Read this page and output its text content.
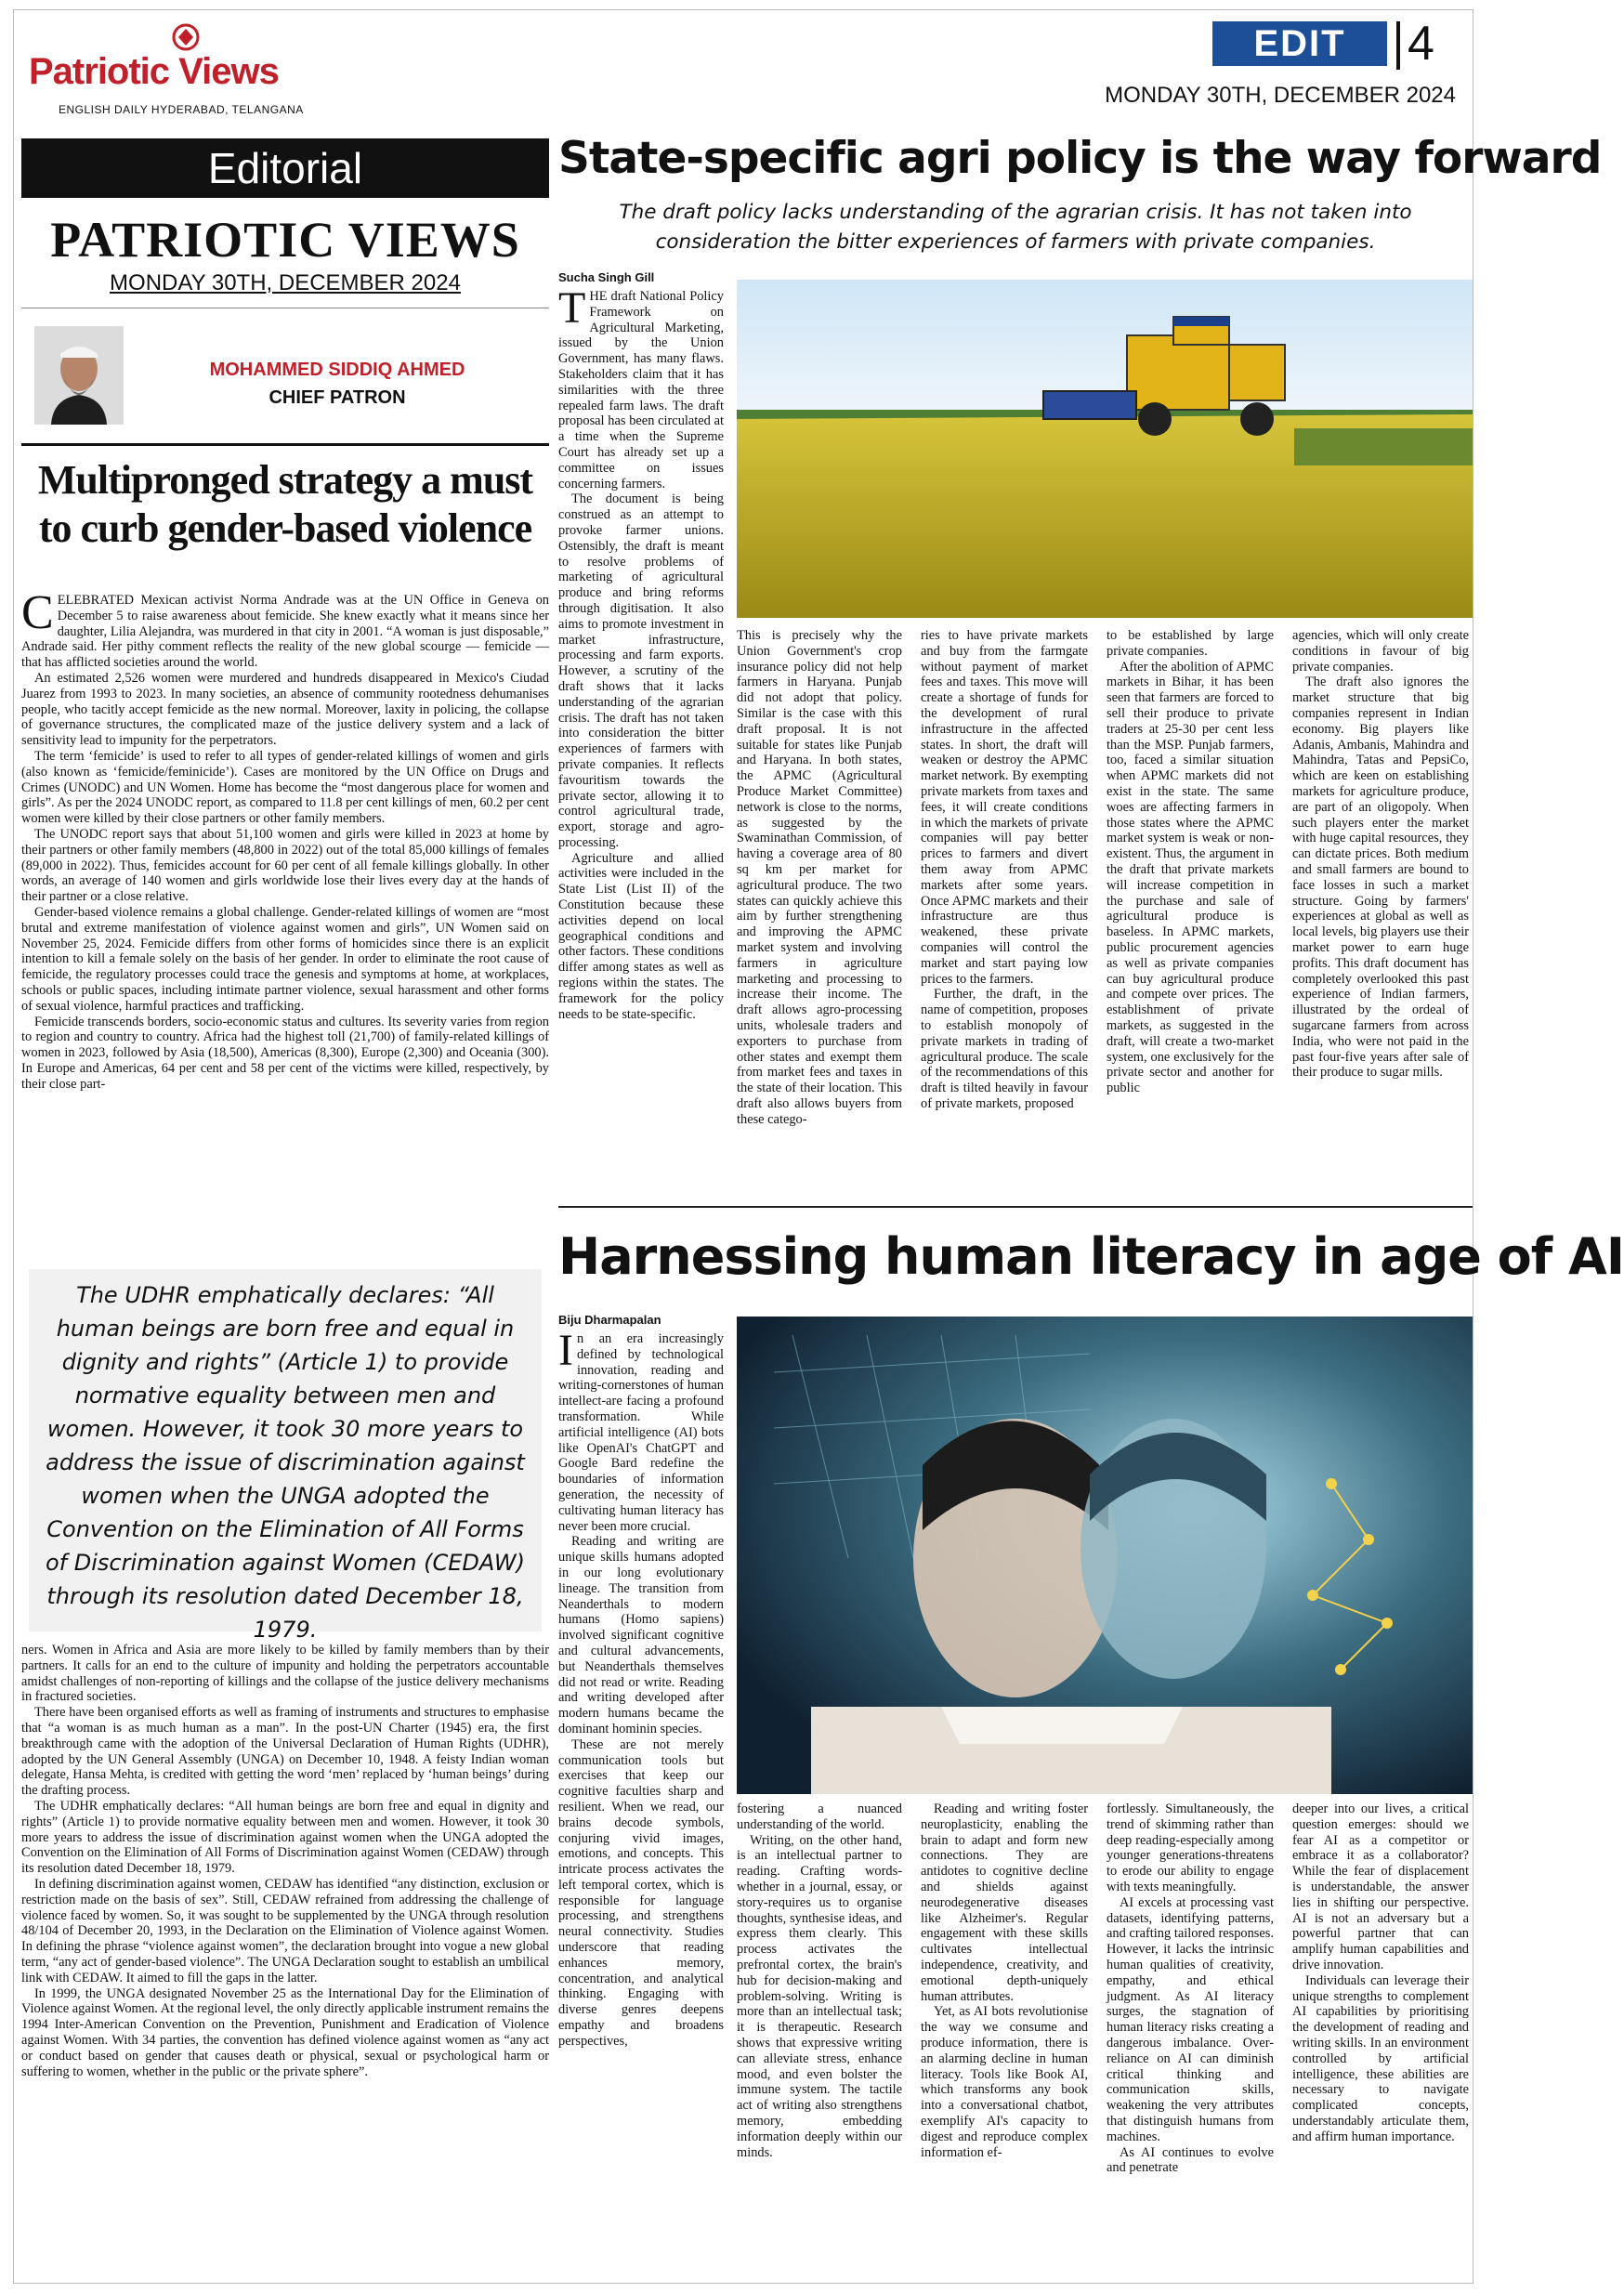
Patriotic Views
ENGLISH DAILY HYDERABAD, TELANGANA
EDIT	4
MONDAY 30TH, DECEMBER 2024
Editorial
PATRIOTIC VIEWS
MONDAY 30TH, DECEMBER 2024
MOHAMMED SIDDIQ AHMED
CHIEF PATRON
Multipronged strategy a must to curb gender-based violence

CELEBRATED Mexican activist Norma Andrade was at the UN Office in Geneva on December 5 to raise awareness about femicide. She knew exactly what it means since her daughter, Lilia Alejandra, was murdered in that city in 2001. “A woman is just disposable,” Andrade said. Her pithy comment reflects the reality of the new global scourge — femicide — that has afflicted societies around the world.

An estimated 2,526 women were murdered and hundreds disappeared in Mexico's Ciudad Juarez from 1993 to 2023. In many societies, an absence of community rootedness dehumanises people, who tacitly accept femicide as the new normal. Moreover, laxity in policing, the collapse of governance structures, the complicated maze of the justice delivery system and a lack of sensitivity lead to impunity for the perpetrators.

The term ‘femicide’ is used to refer to all types of gender-related killings of women and girls (also known as ‘femicide/feminicide’). Cases are monitored by the UN Office on Drugs and Crimes (UNODC) and UN Women. Home has become the “most dangerous place for women and girls”. As per the 2024 UNODC report, as compared to 11.8 per cent killings of men, 60.2 per cent women were killed by their close partners or other family members.

The UNODC report says that about 51,100 women and girls were killed in 2023 at home by their partners or other family members (48,800 in 2022) out of the total 85,000 killings of females (89,000 in 2022). Thus, femicides account for 60 per cent of all female killings globally. In other words, an average of 140 women and girls worldwide lose their lives every day at the hands of their partner or a close relative.

Gender-based violence remains a global challenge. Gender-related killings of women are “most brutal and extreme manifestation of violence against women and girls”, UN Women said on November 25, 2024. Femicide differs from other forms of homicides since there is an explicit intention to kill a female solely on the basis of her gender. In order to eliminate the root cause of femicide, the regulatory processes could trace the genesis and symptoms at home, at workplaces, schools or public spaces, including intimate partner violence, sexual harassment and other forms of sexual violence, harmful practices and trafficking.

Femicide transcends borders, socio-economic status and cultures. Its severity varies from region to region and country to country. Africa had the highest toll (21,700) of family-related killings of women in 2023, followed by Asia (18,500), Americas (8,300), Europe (2,300) and Oceania (300). In Europe and Americas, 64 per cent and 58 per cent of the victims were killed, respectively, by their close part-

The UDHR emphatically declares: “All human beings are born free and equal in dignity and rights” (Article 1) to provide normative equality between men and women. However, it took 30 more years to address the issue of discrimination against women when the UNGA adopted the Convention on the Elimination of All Forms of Discrimination against Women (CEDAW) through its resolution dated December 18, 1979.

ners. Women in Africa and Asia are more likely to be killed by family members than by their partners. It calls for an end to the culture of impunity and holding the perpetrators accountable amidst challenges of non-reporting of killings and the collapse of the justice delivery mechanisms in fractured societies.

There have been organised efforts as well as framing of instruments and structures to emphasise that “a woman is as much human as a man”. In the post-UN Charter (1945) era, the first breakthrough came with the adoption of the Universal Declaration of Human Rights (UDHR), adopted by the UN General Assembly (UNGA) on December 10, 1948. A feisty Indian woman delegate, Hansa Mehta, is credited with getting the word ‘men’ replaced by ‘human beings’ during the drafting process.

The UDHR emphatically declares: “All human beings are born free and equal in dignity and rights” (Article 1) to provide normative equality between men and women. However, it took 30 more years to address the issue of discrimination against women when the UNGA adopted the Convention on the Elimination of All Forms of Discrimination against Women (CEDAW) through its resolution dated December 18, 1979.

In defining discrimination against women, CEDAW has identified “any distinction, exclusion or restriction made on the basis of sex”. Still, CEDAW refrained from addressing the challenge of violence faced by women. So, it was sought to be supplemented by the UNGA through resolution 48/104 of December 20, 1993, in the Declaration on the Elimination of Violence against Women. In defining the phrase “violence against women”, the declaration brought into vogue a new global term, “any act of gender-based violence”. The UNGA Declaration sought to establish an umbilical link with CEDAW. It aimed to fill the gaps in the latter.

In 1999, the UNGA designated November 25 as the International Day for the Elimination of Violence against Women. At the regional level, the only directly applicable instrument remains the 1994 Inter-American Convention on the Prevention, Punishment and Eradication of Violence against Women. With 34 parties, the convention has defined violence against women as “any act or conduct based on gender that causes death or physical, sexual or psychological harm or suffering to women, whether in the public or the private sphere”.

State-specific agri policy is the way forward
The draft policy lacks understanding of the agrarian crisis. It has not taken into consideration the bitter experiences of farmers with private companies.
Sucha Singh Gill

THE draft National Policy Framework on Agricultural Marketing, issued by the Union Government, has many flaws. Stakeholders claim that it has similarities with the three repealed farm laws. The draft proposal has been circulated at a time when the Supreme Court has already set up a committee on issues concerning farmers.

The document is being construed as an attempt to provoke farmer unions. Ostensibly, the draft is meant to resolve problems of marketing of agricultural produce and bring reforms through digitisation. It also aims to promote investment in market infrastructure, processing and farm exports. However, a scrutiny of the draft shows that it lacks understanding of the agrarian crisis. The draft has not taken into consideration the bitter experiences of farmers with private companies. It reflects favouritism towards the private sector, allowing it to control agricultural trade, export, storage and agro-processing.

Agriculture and allied activities were included in the State List (List II) of the Constitution because these activities depend on local geographical conditions and other factors. These conditions differ among states as well as regions within the states. The framework for the policy needs to be state-specific.

This is precisely why the Union Government's crop insurance policy did not help farmers in Haryana. Punjab did not adopt that policy. Similar is the case with this draft proposal. It is not suitable for states like Punjab and Haryana. In both states, the APMC (Agricultural Produce Market Committee) network is close to the norms, as suggested by the Swaminathan Commission, of having a coverage area of 80 sq km per market for agricultural produce. The two states can quickly achieve this aim by further strengthening and improving the APMC market system and involving farmers in agriculture marketing and processing to increase their income. The draft allows agro-processing units, wholesale traders and exporters to purchase from other states and exempt them from market fees and taxes in the state of their location. This draft also allows buyers from these catego-

ries to have private markets and buy from the farmgate without payment of market fees and taxes. This move will create a shortage of funds for the development of rural infrastructure in the affected states. In short, the draft will weaken or destroy the APMC market network. By exempting private markets from taxes and fees, it will create conditions in which the markets of private companies will pay better prices to farmers and divert them away from APMC markets after some years. Once APMC markets and their infrastructure are thus weakened, these private companies will control the market and start paying low prices to the farmers.

Further, the draft, in the name of competition, proposes to establish monopoly of private markets in trading of agricultural produce. The scale of the recommendations of this draft is tilted heavily in favour of private markets, proposed

to be established by large private companies.

After the abolition of APMC markets in Bihar, it has been seen that farmers are forced to sell their produce to private traders at 25-30 per cent less than the MSP. Punjab farmers, too, faced a similar situation when APMC markets did not exist in the state. The same woes are affecting farmers in those states where the APMC market system is weak or non-existent. Thus, the argument in the draft that private markets will increase competition in the purchase and sale of agricultural produce is baseless. In APMC markets, public procurement agencies as well as private companies can buy agricultural produce and compete over prices. The establishment of private markets, as suggested in the draft, will create a two-market system, one exclusively for the private sector and another for public

agencies, which will only create conditions in favour of big private companies.

The draft also ignores the market structure that big companies represent in Indian economy. Big players like Adanis, Ambanis, Mahindra and Mahindra, Tatas and PepsiCo, which are keen on establishing markets for agriculture produce, are part of an oligopoly. When such players enter the market with huge capital resources, they can dictate prices. Both medium and small farmers are bound to face losses in such a market structure. Going by farmers' experiences at global as well as local levels, big players use their market power to earn huge profits. This draft document has completely overlooked this past experience of Indian farmers, illustrated by the ordeal of sugarcane farmers from across India, who were not paid in the past four-five years after sale of their produce to sugar mills.

Harnessing human literacy in age of AI
Biju Dharmapalan

In an era increasingly defined by technological innovation, reading and writing-cornerstones of human intellect-are facing a profound transformation. While artificial intelligence (AI) bots like OpenAI's ChatGPT and Google Bard redefine the boundaries of information generation, the necessity of cultivating human literacy has never been more crucial.

Reading and writing are unique skills humans adopted in our long evolutionary lineage. The transition from Neanderthals to modern humans (Homo sapiens) involved significant cognitive and cultural advancements, but Neanderthals themselves did not read or write. Reading and writing developed after modern humans became the dominant hominin species.

These are not merely communication tools but exercises that keep our cognitive faculties sharp and resilient. When we read, our brains decode symbols, conjuring vivid images, emotions, and concepts. This intricate process activates the left temporal cortex, which is responsible for language processing, and strengthens neural connectivity. Studies underscore that reading enhances memory, concentration, and analytical thinking. Engaging with diverse genres deepens empathy and broadens perspectives,

fostering a nuanced understanding of the world.

Writing, on the other hand, is an intellectual partner to reading. Crafting words-whether in a journal, essay, or story-requires us to organise thoughts, synthesise ideas, and express them clearly. This process activates the prefrontal cortex, the brain's hub for decision-making and problem-solving. Writing is more than an intellectual task; it is therapeutic. Research shows that expressive writing can alleviate stress, enhance mood, and even bolster the immune system. The tactile act of writing also strengthens memory, embedding information deeply within our minds.

Reading and writing foster neuroplasticity, enabling the brain to adapt and form new connections. They are antidotes to cognitive decline and shields against neurodegenerative diseases like Alzheimer's. Regular engagement with these skills cultivates intellectual independence, creativity, and emotional depth-uniquely human attributes.

Yet, as AI bots revolutionise the way we consume and produce information, there is an alarming decline in human literacy. Tools like Book AI, which transforms any book into a conversational chatbot, exemplify AI's capacity to digest and reproduce complex information ef-

fortlessly. Simultaneously, the trend of skimming rather than deep reading-especially among younger generations-threatens to erode our ability to engage with texts meaningfully.

AI excels at processing vast datasets, identifying patterns, and crafting tailored responses. However, it lacks the intrinsic human qualities of creativity, empathy, and ethical judgment. As AI literacy surges, the stagnation of human literacy risks creating a dangerous imbalance. Over-reliance on AI can diminish critical thinking and communication skills, weakening the very attributes that distinguish humans from machines.

As AI continues to evolve and penetrate

deeper into our lives, a critical question emerges: should we fear AI as a competitor or embrace it as a collaborator? While the fear of displacement is understandable, the answer lies in shifting our perspective. AI is not an adversary but a powerful partner that can amplify human capabilities and drive innovation.

Individuals can leverage their unique strengths to complement AI capabilities by prioritising the development of reading and writing skills. In an environment controlled by artificial intelligence, these abilities are necessary to navigate complicated concepts, understandably articulate them, and affirm human importance.
